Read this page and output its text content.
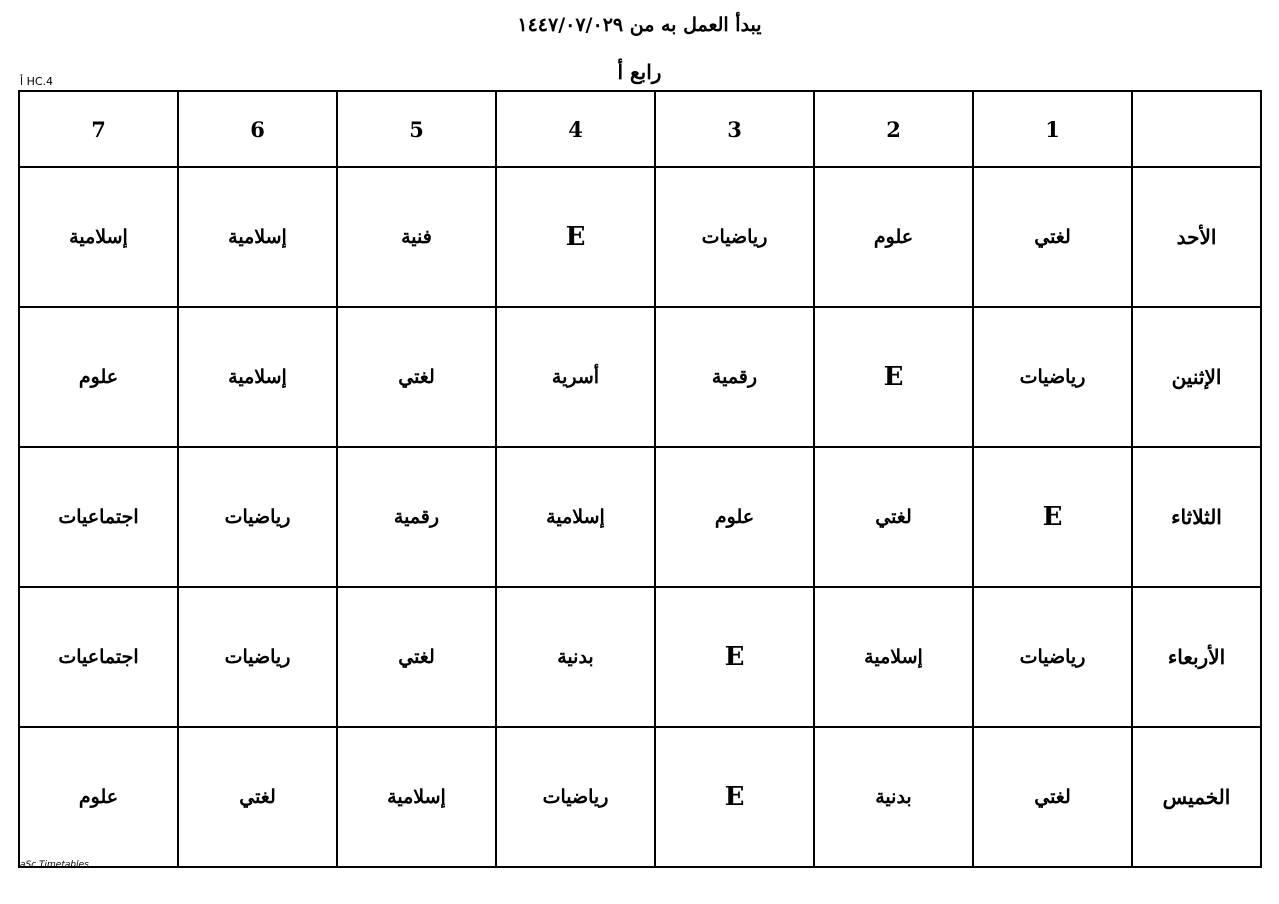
يبدأ العمل به من ١٤٤٧/٠٧/٠٢٩
رابع أ
HC.4 أ
7	6	5	4	3	2	1	
إسلامية	إسلامية	فنية	E	رياضيات	علوم	لغتي	الأحد
علوم	إسلامية	لغتي	أسرية	رقمية	E	رياضيات	الإثنين
اجتماعيات	رياضيات	رقمية	إسلامية	علوم	لغتي	E	الثلاثاء
اجتماعيات	رياضيات	لغتي	بدنية	E	إسلامية	رياضيات	الأربعاء
علوم	لغتي	إسلامية	رياضيات	E	بدنية	لغتي	الخميس
aSc Timetables
